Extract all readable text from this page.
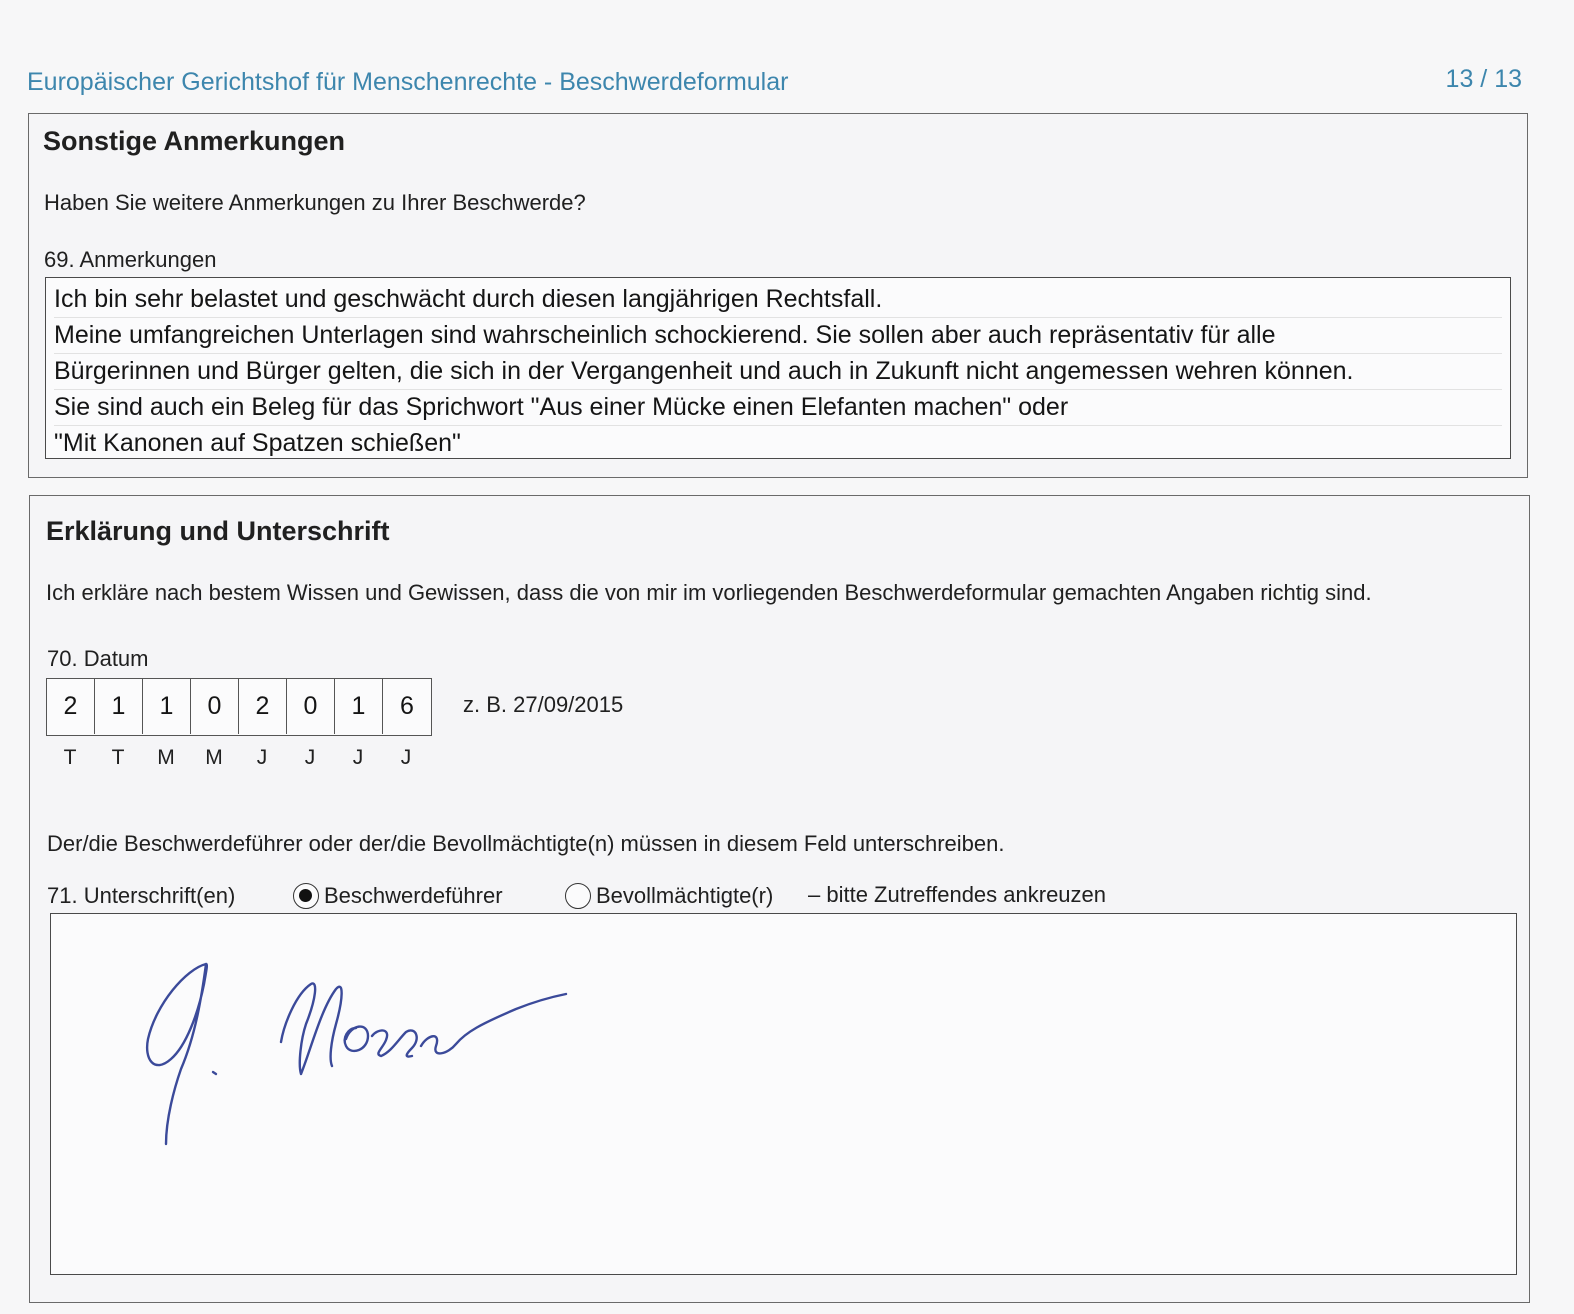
Europäischer Gerichtshof für Menschenrechte - Beschwerdeformular	13 / 13
Sonstige Anmerkungen
Haben Sie weitere Anmerkungen zu Ihrer Beschwerde?
69. Anmerkungen
Ich bin sehr belastet und geschwächt durch diesen langjährigen Rechtsfall.
Meine umfangreichen Unterlagen sind wahrscheinlich schockierend. Sie sollen aber auch repräsentativ für alle
Bürgerinnen und Bürger gelten, die sich in der Vergangenheit und auch in Zukunft nicht angemessen wehren können.
Sie sind auch ein Beleg für das Sprichwort "Aus einer Mücke einen Elefanten machen" oder
"Mit Kanonen auf Spatzen schießen"
Erklärung und Unterschrift
Ich erkläre nach bestem Wissen und Gewissen, dass die von mir im vorliegenden Beschwerdeformular gemachten Angaben richtig sind.
70. Datum
2	1	1	0	2	0	1	6	z. B. 27/09/2015
T	T	M	M	J	J	J	J
Der/die Beschwerdeführer oder der/die Bevollmächtigte(n) müssen in diesem Feld unterschreiben.
71. Unterschrift(en)	Beschwerdeführer	Bevollmächtigte(r) – bitte Zutreffendes ankreuzen
